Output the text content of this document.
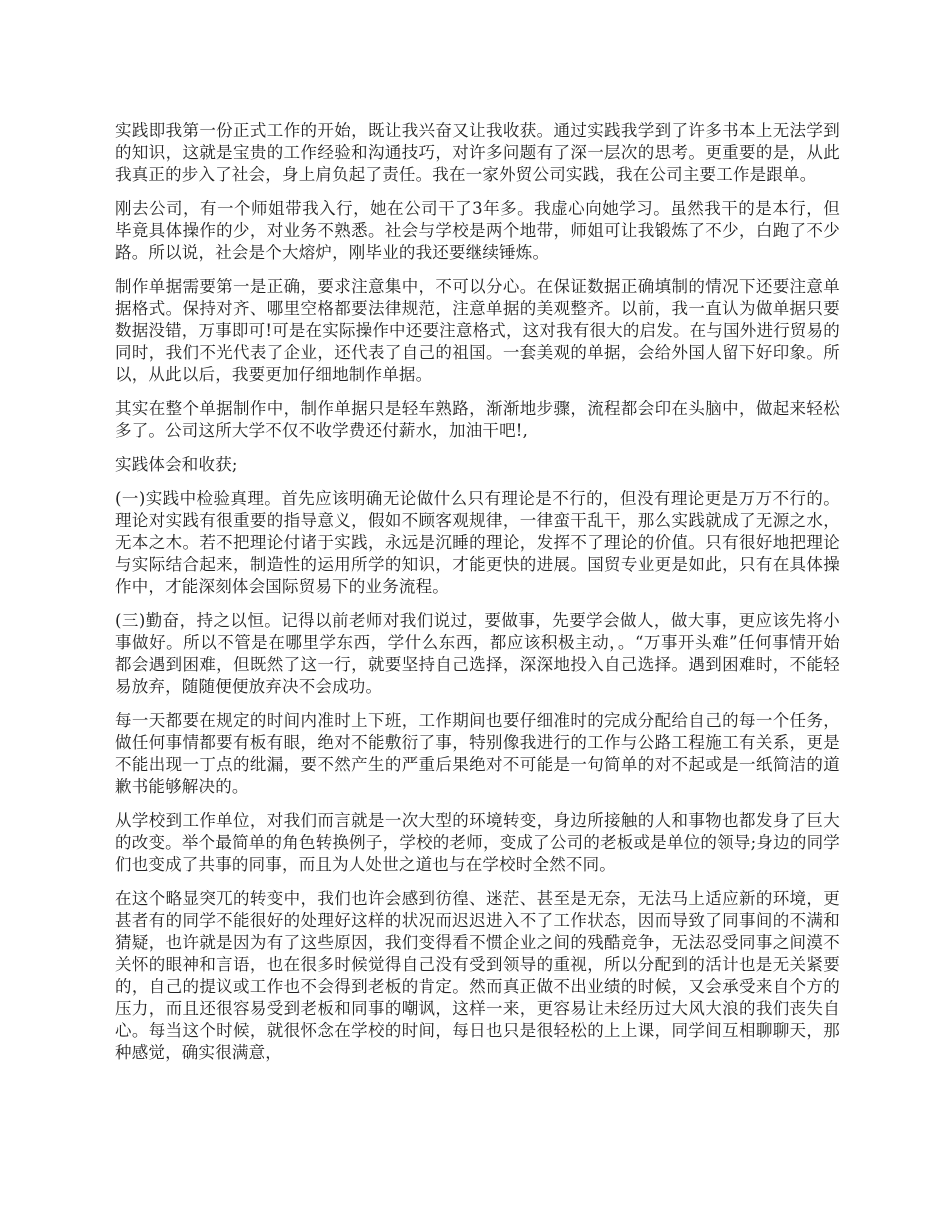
实践即我第一份正式工作的开始，既让我兴奋又让我收获。通过实践我学到了许多书本上无法学到的知识，这就是宝贵的工作经验和沟通技巧，对许多问题有了深一层次的思考。更重要的是，从此我真正的步入了社会，身上肩负起了责任。我在一家外贸公司实践，我在公司主要工作是跟单。

刚去公司，有一个师姐带我入行，她在公司干了3年多。我虚心向她学习。虽然我干的是本行，但毕竟具体操作的少，对业务不熟悉。社会与学校是两个地带，师姐可让我锻炼了不少，白跑了不少路。所以说，社会是个大熔炉，刚毕业的我还要继续锤炼。

制作单据需要第一是正确，要求注意集中，不可以分心。在保证数据正确填制的情况下还要注意单据格式。保持对齐、哪里空格都要法律规范，注意单据的美观整齐。以前，我一直认为做单据只要数据没错，万事即可!可是在实际操作中还要注意格式，这对我有很大的启发。在与国外进行贸易的同时，我们不光代表了企业，还代表了自己的祖国。一套美观的单据，会给外国人留下好印象。所以，从此以后，我要更加仔细地制作单据。

其实在整个单据制作中，制作单据只是轻车熟路，渐渐地步骤，流程都会印在头脑中，做起来轻松多了。公司这所大学不仅不收学费还付薪水，加油干吧!,

实践体会和收获;

(一)实践中检验真理。首先应该明确无论做什么只有理论是不行的，但没有理论更是万万不行的。理论对实践有很重要的指导意义，假如不顾客观规律，一律蛮干乱干，那么实践就成了无源之水，无本之木。若不把理论付诸于实践，永远是沉睡的理论，发挥不了理论的价值。只有很好地把理论与实际结合起来，制造性的运用所学的知识，才能更快的进展。国贸专业更是如此，只有在具体操作中，才能深刻体会国际贸易下的业务流程。

(三)勤奋，持之以恒。记得以前老师对我们说过，要做事，先要学会做人，做大事，更应该先将小事做好。所以不管是在哪里学东西，学什么东西，都应该积极主动，。“万事开头难”任何事情开始都会遇到困难，但既然了这一行，就要坚持自己选择，深深地投入自己选择。遇到困难时，不能轻易放弃，随随便便放弃决不会成功。

每一天都要在规定的时间内准时上下班，工作期间也要仔细准时的完成分配给自己的每一个任务，做任何事情都要有板有眼，绝对不能敷衍了事，特别像我进行的工作与公路工程施工有关系，更是不能出现一丁点的纰漏，要不然产生的严重后果绝对不可能是一句简单的对不起或是一纸简洁的道歉书能够解决的。

从学校到工作单位，对我们而言就是一次大型的环境转变，身边所接触的人和事物也都发身了巨大的改变。举个最简单的角色转换例子，学校的老师，变成了公司的老板或是单位的领导;身边的同学们也变成了共事的同事，而且为人处世之道也与在学校时全然不同。

在这个略显突兀的转变中，我们也许会感到彷徨、迷茫、甚至是无奈，无法马上适应新的环境，更甚者有的同学不能很好的处理好这样的状况而迟迟进入不了工作状态，因而导致了同事间的不满和猜疑，也许就是因为有了这些原因，我们变得看不惯企业之间的残酷竞争，无法忍受同事之间漠不关怀的眼神和言语，也在很多时候觉得自己没有受到领导的重视，所以分配到的活计也是无关紧要的，自己的提议或工作也不会得到老板的肯定。然而真正做不出业绩的时候，又会承受来自个方的压力，而且还很容易受到老板和同事的嘲讽，这样一来，更容易让未经历过大风大浪的我们丧失自心。每当这个时候，就很怀念在学校的时间，每日也只是很轻松的上上课，同学间互相聊聊天，那种感觉，确实很满意，
